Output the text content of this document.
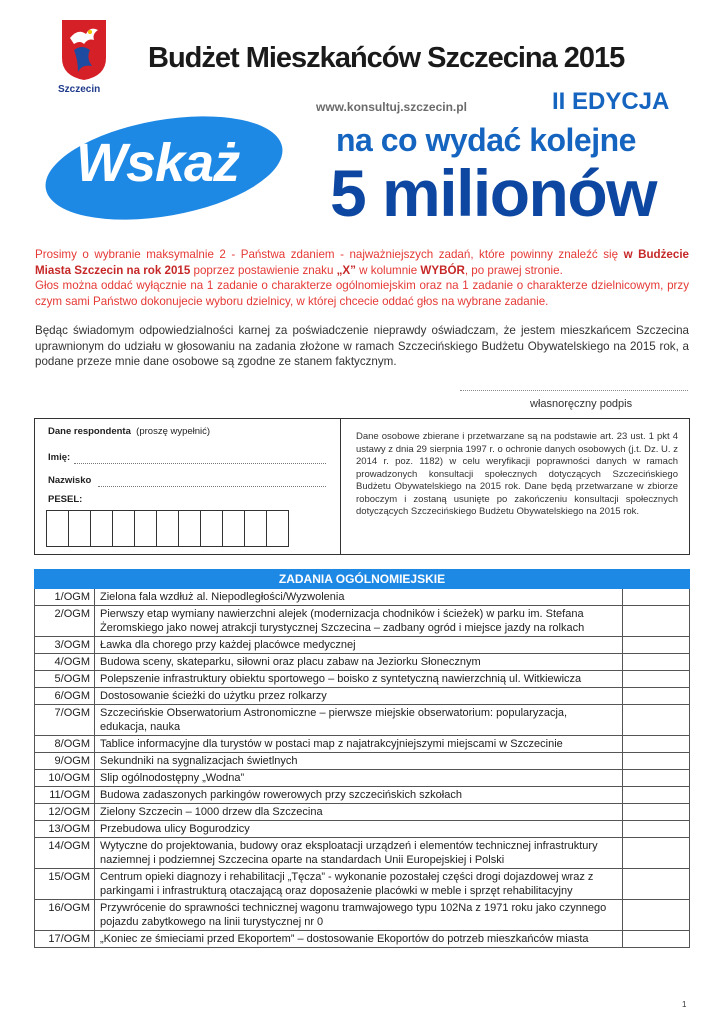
Szczecin
Budżet Mieszkańców Szczecina 2015
www.konsultuj.szczecin.pl	II EDYCJA
Wskaż	na co wydać kolejne
5 milionów
Prosimy o wybranie maksymalnie 2 - Państwa zdaniem - najważniejszych zadań, które powinny znaleźć się w Budżecie Miasta Szczecin na rok 2015 poprzez postawienie znaku „X” w kolumnie WYBÓR, po prawej stronie.
Głos można oddać wyłącznie na 1 zadanie o charakterze ogólnomiejskim oraz na 1 zadanie o charakterze dzielnicowym, przy czym sami Państwo dokonujecie wyboru dzielnicy, w której chcecie oddać głos na wybrane zadanie.
Będąc świadomym odpowiedzialności karnej za poświadczenie nieprawdy oświadczam, że jestem mieszkańcem Szczecina uprawnionym do udziału w głosowaniu na zadania złożone w ramach Szczecińskiego Budżetu Obywatelskiego na 2015 rok, a podane przeze mnie dane osobowe są zgodne ze stanem faktycznym.
własnoręczny podpis
Dane respondenta (proszę wypełnić)
Imię:
Nazwisko
PESEL:
Dane osobowe zbierane i przetwarzane są na podstawie art. 23 ust. 1 pkt 4 ustawy z dnia 29 sierpnia 1997 r. o ochronie danych osobowych (j.t. Dz. U. z 2014 r. poz. 1182) w celu weryfikacji poprawności danych w ramach prowadzonych konsultacji społecznych dotyczących Szczecińskiego Budżetu Obywatelskiego na 2015 rok. Dane będą przetwarzane w zbiorze roboczym i zostaną usunięte po zakończeniu konsultacji społecznych dotyczących Szczecińskiego Budżetu Obywatelskiego na 2015 rok.
ZADANIA OGÓLNOMIEJSKIE		
1/OGM	Zielona fala wzdłuż al. Niepodległości/Wyzwolenia	
2/OGM	Pierwszy etap wymiany nawierzchni alejek (modernizacja chodników i ścieżek) w parku im. Stefana Żeromskiego jako nowej atrakcji turystycznej Szczecina – zadbany ogród i miejsce jazdy na rolkach	
3/OGM	Ławka dla chorego przy każdej placówce medycznej	
4/OGM	Budowa sceny, skateparku, siłowni oraz placu zabaw na Jeziorku Słonecznym	
5/OGM	Polepszenie infrastruktury obiektu sportowego – boisko z syntetyczną nawierzchnią ul. Witkiewicza	
6/OGM	Dostosowanie ścieżki do użytku przez rolkarzy	
7/OGM	Szczecińskie Obserwatorium Astronomiczne – pierwsze miejskie obserwatorium: popularyzacja, edukacja, nauka	
8/OGM	Tablice informacyjne dla turystów w postaci map z najatrakcyjniejszymi miejscami w Szczecinie	
9/OGM	Sekundniki na sygnalizacjach świetlnych	
10/OGM	Slip ogólnodostępny „Wodna”	
11/OGM	Budowa zadaszonych parkingów rowerowych przy szczecińskich szkołach	
12/OGM	Zielony Szczecin – 1000 drzew dla Szczecina	
13/OGM	Przebudowa ulicy Bogurodzicy	
14/OGM	Wytyczne do projektowania, budowy oraz eksploatacji urządzeń i elementów technicznej infrastruktury naziemnej i podziemnej Szczecina oparte na standardach Unii Europejskiej i Polski	
15/OGM	Centrum opieki diagnozy i rehabilitacji „Tęcza” - wykonanie pozostałej części drogi dojazdowej wraz z parkingami i infrastrukturą otaczającą oraz doposażenie placówki w meble i sprzęt rehabilitacyjny	
16/OGM	Przywrócenie do sprawności technicznej wagonu tramwajowego typu 102Na z 1971 roku jako czynnego pojazdu zabytkowego na linii turystycznej nr 0	
17/OGM	„Koniec ze śmieciami przed Ekoportem” – dostosowanie Ekoportów do potrzeb mieszkańców miasta	
1
